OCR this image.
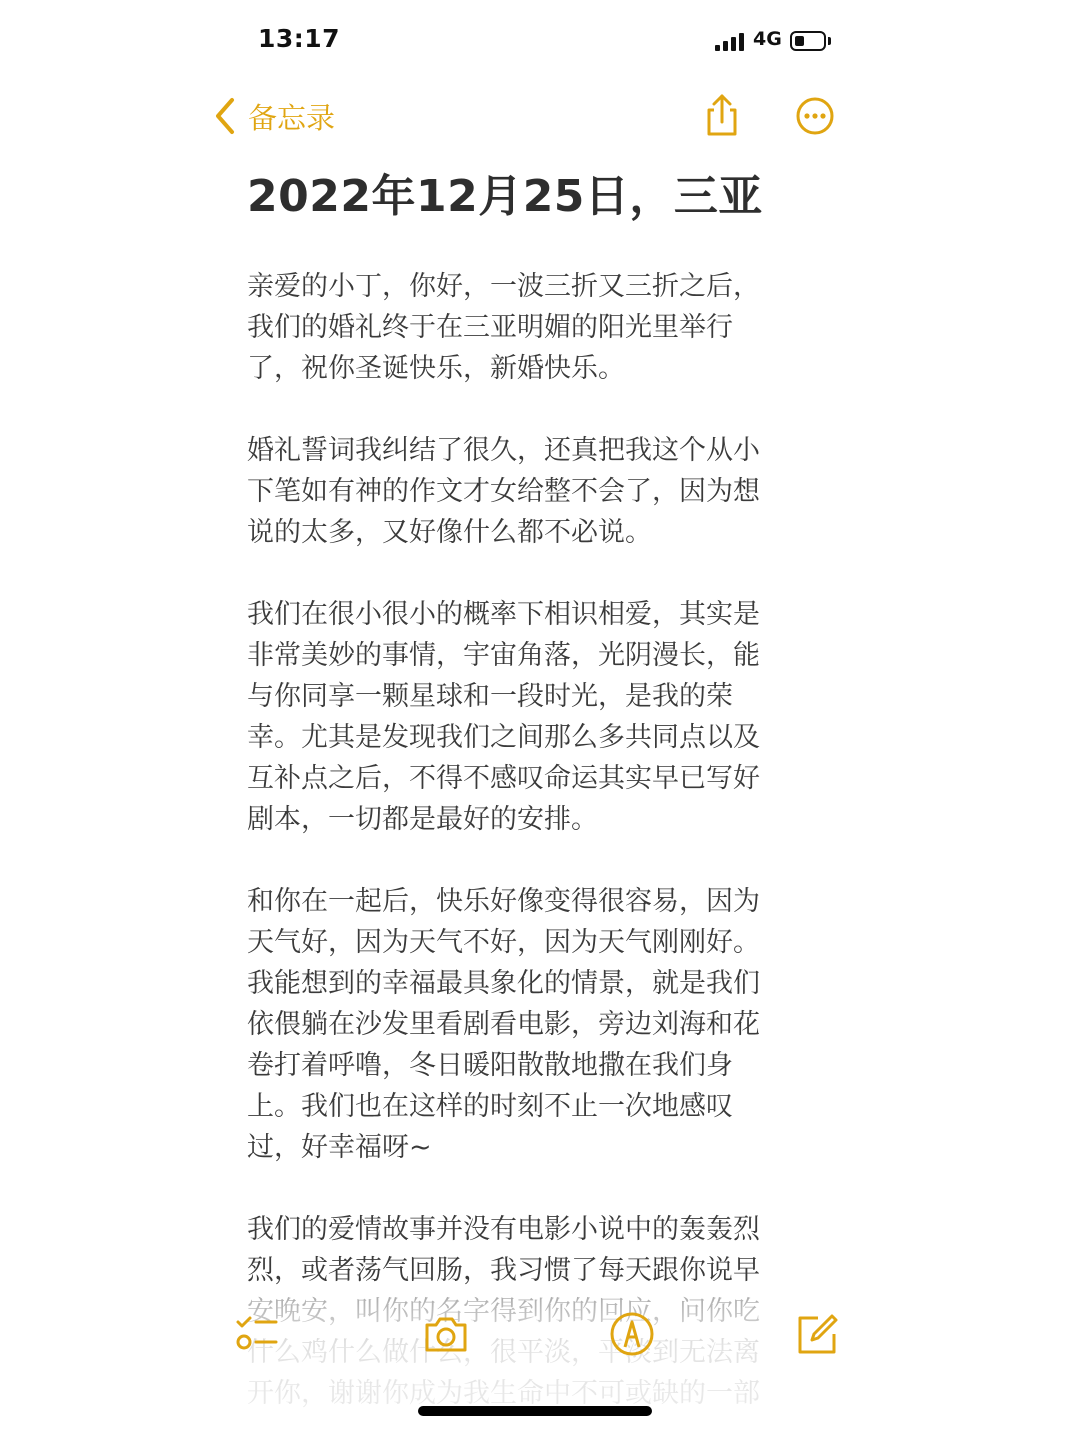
13:17	4G
备忘录
2022年12月25日，三亚
亲爱的小丁，你好，一波三折又三折之后，
我们的婚礼终于在三亚明媚的阳光里举行
了，祝你圣诞快乐，新婚快乐。
婚礼誓词我纠结了很久，还真把我这个从小
下笔如有神的作文才女给整不会了，因为想
说的太多，又好像什么都不必说。
我们在很小很小的概率下相识相爱，其实是
非常美妙的事情，宇宙角落，光阴漫长，能
与你同享一颗星球和一段时光，是我的荣
幸。尤其是发现我们之间那么多共同点以及
互补点之后，不得不感叹命运其实早已写好
剧本，一切都是最好的安排。
和你在一起后，快乐好像变得很容易，因为
天气好，因为天气不好，因为天气刚刚好。
我能想到的幸福最具象化的情景，就是我们
依偎躺在沙发里看剧看电影，旁边刘海和花
卷打着呼噜，冬日暖阳散散地撒在我们身
上。我们也在这样的时刻不止一次地感叹
过，好幸福呀~
我们的爱情故事并没有电影小说中的轰轰烈
烈，或者荡气回肠，我习惯了每天跟你说早
